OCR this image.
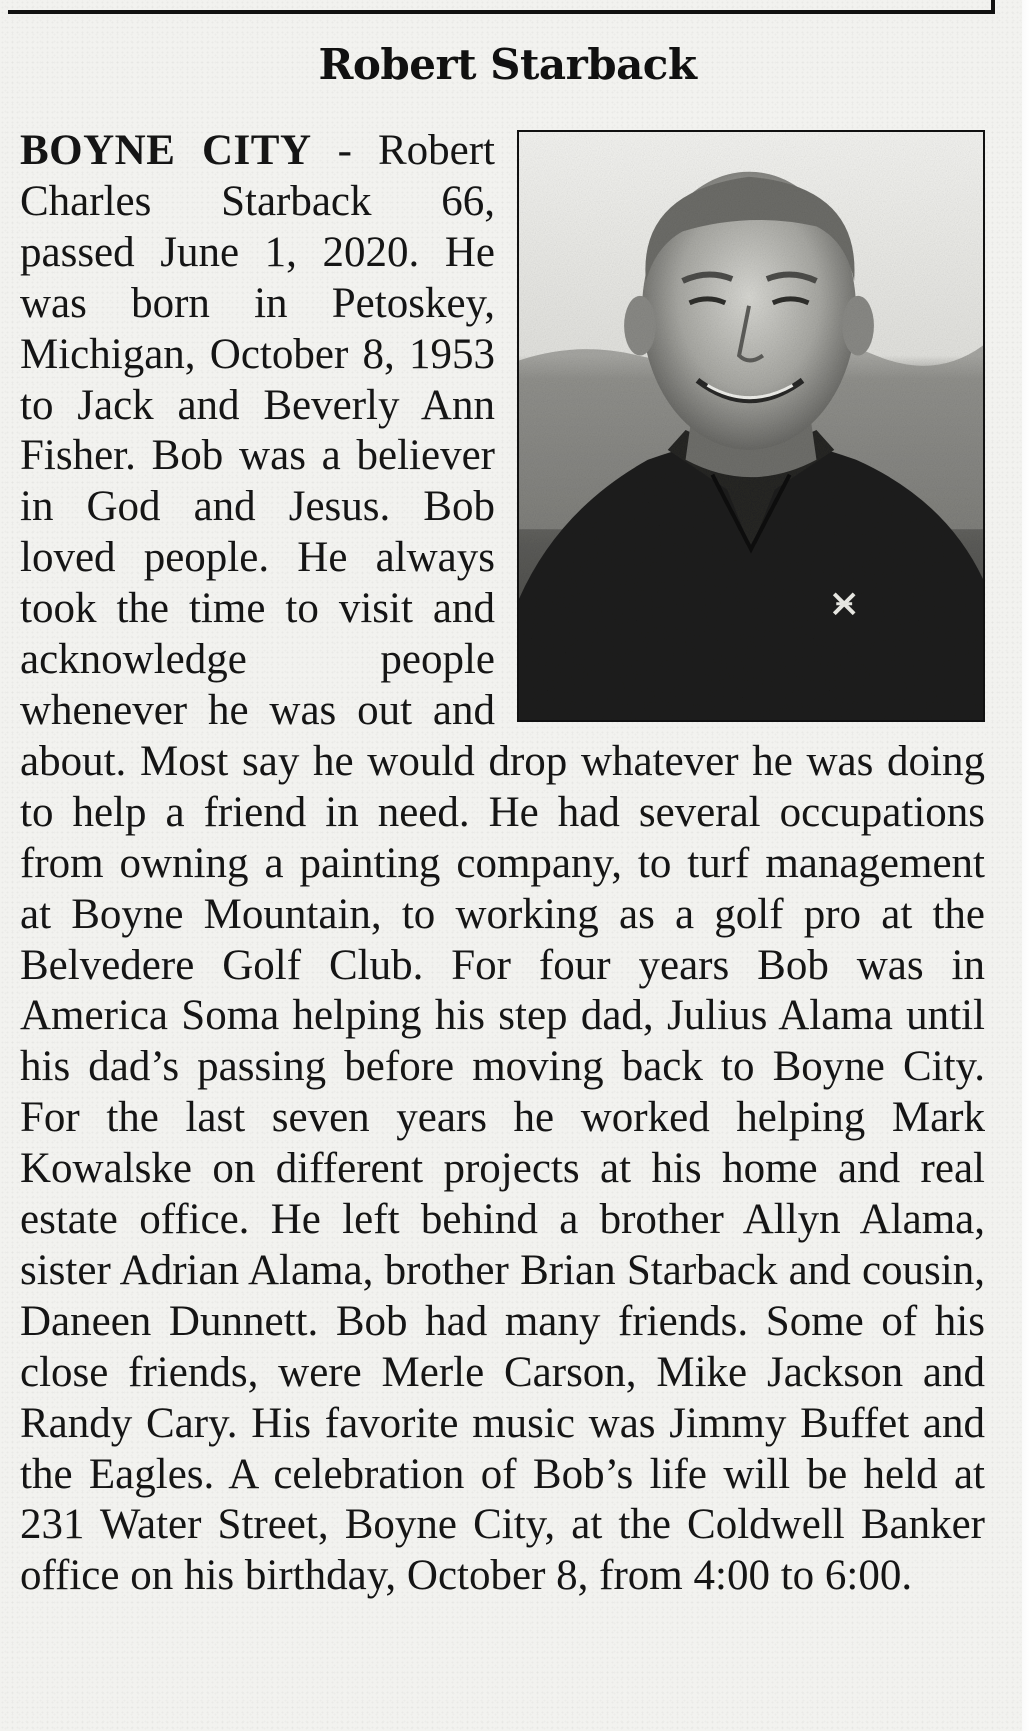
Robert Starback
BOYNE CITY - Robert Charles Starback 66, passed June 1, 2020. He was born in Petoskey, Michigan, October 8, 1953 to Jack and Beverly Ann Fisher. Bob was a believer in God and Jesus. Bob loved people. He always took the time to visit and acknowledge people whenever he was out and about. Most say he would drop whatever he was doing to help a friend in need. He had several occupations from owning a painting company, to turf management at Boyne Mountain, to working as a golf pro at the Belvedere Golf Club. For four years Bob was in America Soma helping his step dad, Julius Alama until his dad’s passing before moving back to Boyne City. For the last seven years he worked helping Mark Kowalske on different projects at his home and real estate office. He left behind a brother Allyn Alama, sister Adrian Alama, brother Brian Starback and cousin, Daneen Dunnett. Bob had many friends. Some of his close friends, were Merle Carson, Mike Jackson and Randy Cary. His favorite music was Jimmy Buffet and the Eagles. A celebration of Bob’s life will be held at 231 Water Street, Boyne City, at the Coldwell Banker office on his birthday, October 8, from 4:00 to 6:00.
